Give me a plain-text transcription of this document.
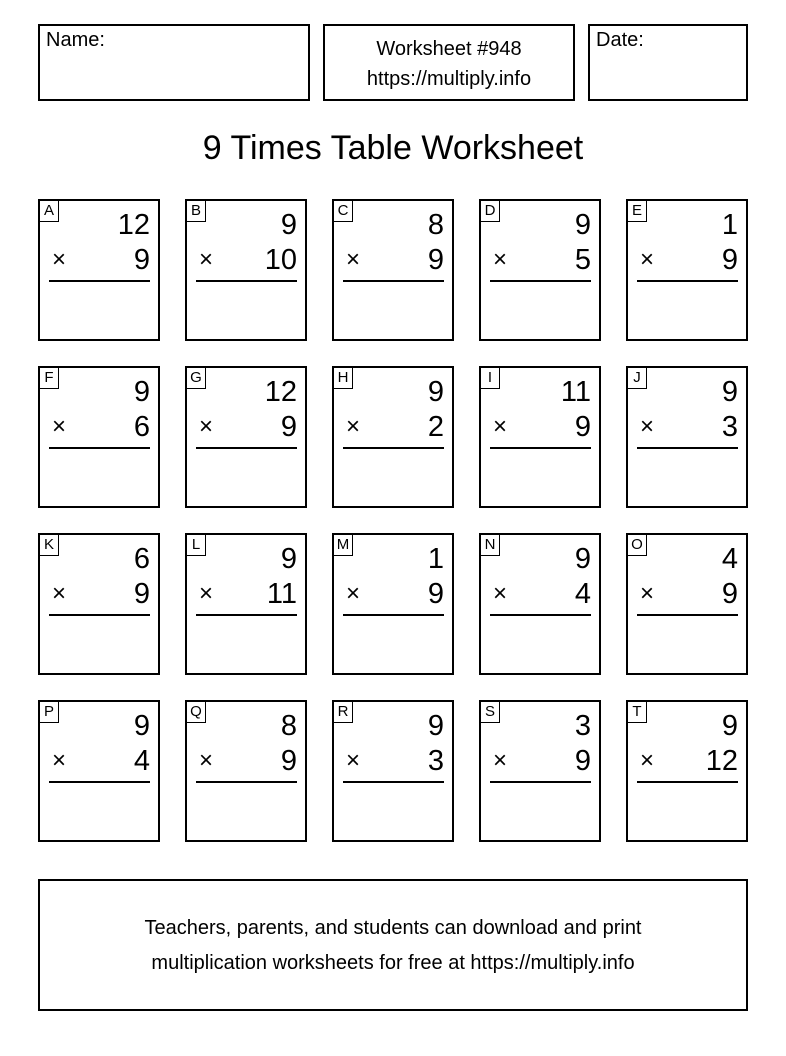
Name:	Worksheet #948
https://multiply.info
Date:
9 Times Table Worksheet
A 12
× 9
B	9
× 10
C	8
× 9
D	9
× 5
E	1
× 9
F	9
× 6
G 12
× 9
H	9
× 2
I 11
× 9
J	9
× 3
K	6
× 9
L	9
× 11
M	1
× 9
N	9
× 4
O	4
× 9
P	9
× 4
Q	8
× 9
R	9
× 3
S	3
× 9
T	9
× 12
Teachers, parents, and students can download and print
multiplication worksheets for free at https://multiply.info
